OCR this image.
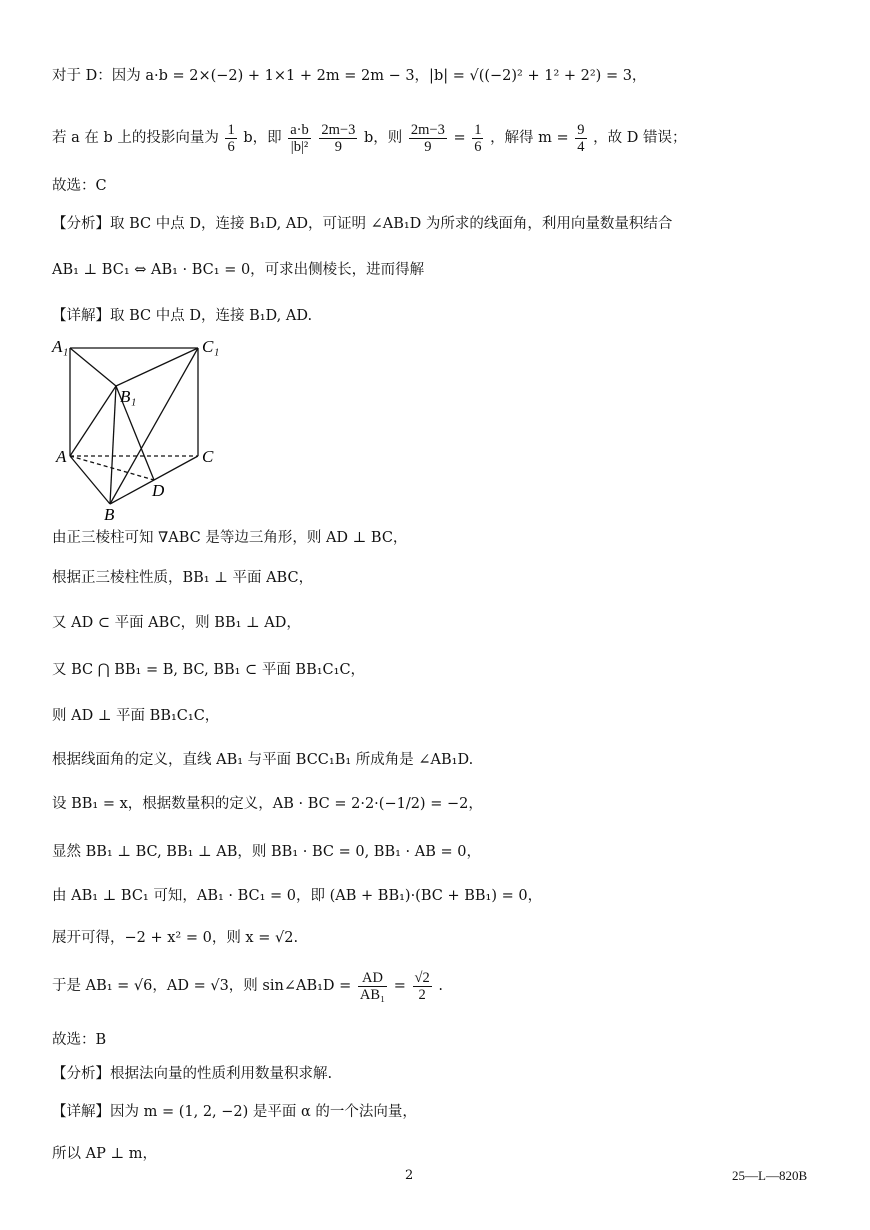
对于 D：因为 a·b = 2×(−2) + 1×1 + 2m = 2m − 3，|b| = √((−2)² + 1² + 2²) = 3，
若 a 在 b 上的投影向量为 $\frac{1}{6}$ b，即 $\frac{a\cdot b}{\text{|b|²}}$
$\frac{2m-3}{9}$ b，则 $\frac{2m-3}{9} = \frac{1}{6}$ ，解得 $m = \frac{9}{4}$ ，故 D 错误；
故选：C
【分析】取 BC 中点 D，连接 B₁D, AD，可证明 ∠AB₁D 为所求的线面角，利用向量数量积结合
AB₁ ⊥ BC₁ ⇔ AB₁ · BC₁ = 0，可求出侧棱长，进而得解
【详解】取 BC 中点 D，连接 B₁D, AD.
A₁	C₁
B₁
A	C
D
B
由正三棱柱可知 ∇ABC 是等边三角形，则 AD ⊥ BC，
根据正三棱柱性质，BB₁ ⊥ 平面 ABC，
又 AD ⊂ 平面 ABC，则 BB₁ ⊥ AD，
又 BC ⋂ BB₁ = B, BC, BB₁ ⊂ 平面 BB₁C₁C，
则 AD ⊥ 平面 BB₁C₁C，
根据线面角的定义，直线 AB₁ 与平面 BCC₁B₁ 所成角是 ∠AB₁D.
设 BB₁ = x，根据数量积的定义，AB · BC = 2·2·(−1/2) = −2，
显然 BB₁ ⊥ BC, BB₁ ⊥ AB，则 BB₁ · BC = 0, BB₁ · AB = 0，
由 AB₁ ⊥ BC₁ 可知，AB₁ · BC₁ = 0，即 (AB + BB₁)·(BC + BB₁) = 0，
展开可得，−2 + x² = 0，则 x = √2.
于是 AB₁ = √6，AD = √3，则 sin∠AB₁D = $\frac{AD}{\text{AB₁}} = \frac{√2}{2}$ .
故选：B
【分析】根据法向量的性质利用数量积求解.
【详解】因为 m = (1, 2, −2) 是平面 α 的一个法向量，
所以 AP ⊥ m，
2	25—L—820B
